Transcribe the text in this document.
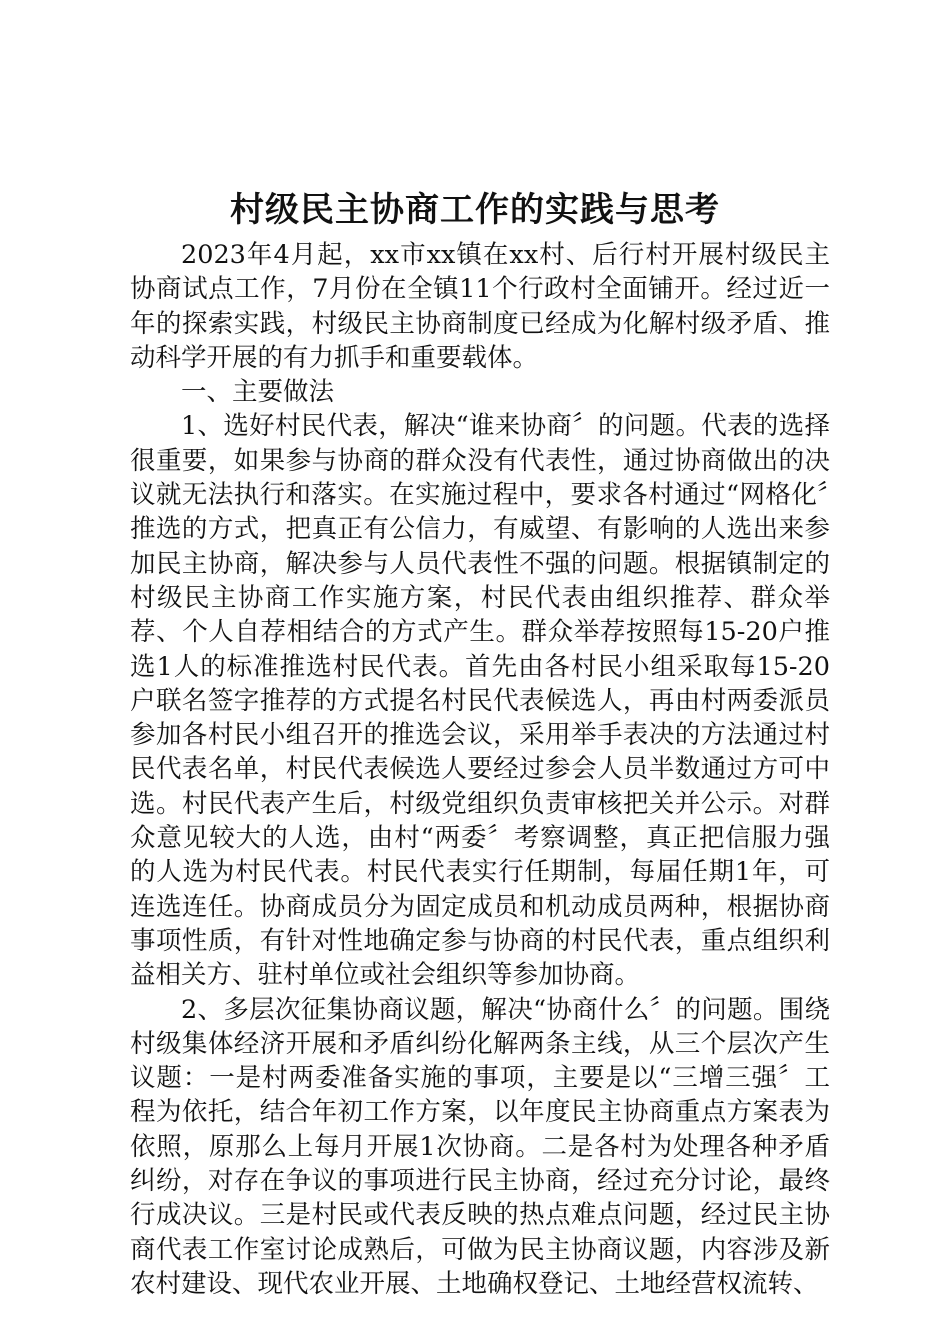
村级民主协商工作的实践与思考

2023年4月起，xx市xx镇在xx村、后行村开展村级民主协商试点工作，7月份在全镇11个行政村全面铺开。经过近一年的探索实践，村级民主协商制度已经成为化解村级矛盾、推动科学开展的有力抓手和重要载体。

一、主要做法

1、选好村民代表，解决“谁来协商〞的问题。代表的选择很重要，如果参与协商的群众没有代表性，通过协商做出的决议就无法执行和落实。在实施过程中，要求各村通过“网格化〞推选的方式，把真正有公信力，有威望、有影响的人选出来参加民主协商，解决参与人员代表性不强的问题。根据镇制定的村级民主协商工作实施方案，村民代表由组织推荐、群众举荐、个人自荐相结合的方式产生。群众举荐按照每15-20户推选1人的标准推选村民代表。首先由各村民小组采取每15-20户联名签字推荐的方式提名村民代表候选人，再由村两委派员参加各村民小组召开的推选会议，采用举手表决的方法通过村民代表名单，村民代表候选人要经过参会人员半数通过方可中选。村民代表产生后，村级党组织负责审核把关并公示。对群众意见较大的人选，由村“两委〞考察调整，真正把信服力强的人选为村民代表。村民代表实行任期制，每届任期1年，可连选连任。协商成员分为固定成员和机动成员两种，根据协商事项性质，有针对性地确定参与协商的村民代表，重点组织利益相关方、驻村单位或社会组织等参加协商。

2、多层次征集协商议题，解决“协商什么〞的问题。围绕村级集体经济开展和矛盾纠纷化解两条主线，从三个层次产生议题：一是村两委准备实施的事项，主要是以“三增三强〞工程为依托，结合年初工作方案，以年度民主协商重点方案表为依照，原那么上每月开展1次协商。二是各村为处理各种矛盾纠纷，对存在争议的事项进行民主协商，经过充分讨论，最终行成决议。三是村民或代表反映的热点难点问题，经过民主协商代表工作室讨论成熟后，可做为民主协商议题，内容涉及新农村建设、现代农业开展、土地确权登记、土地经营权流转、
